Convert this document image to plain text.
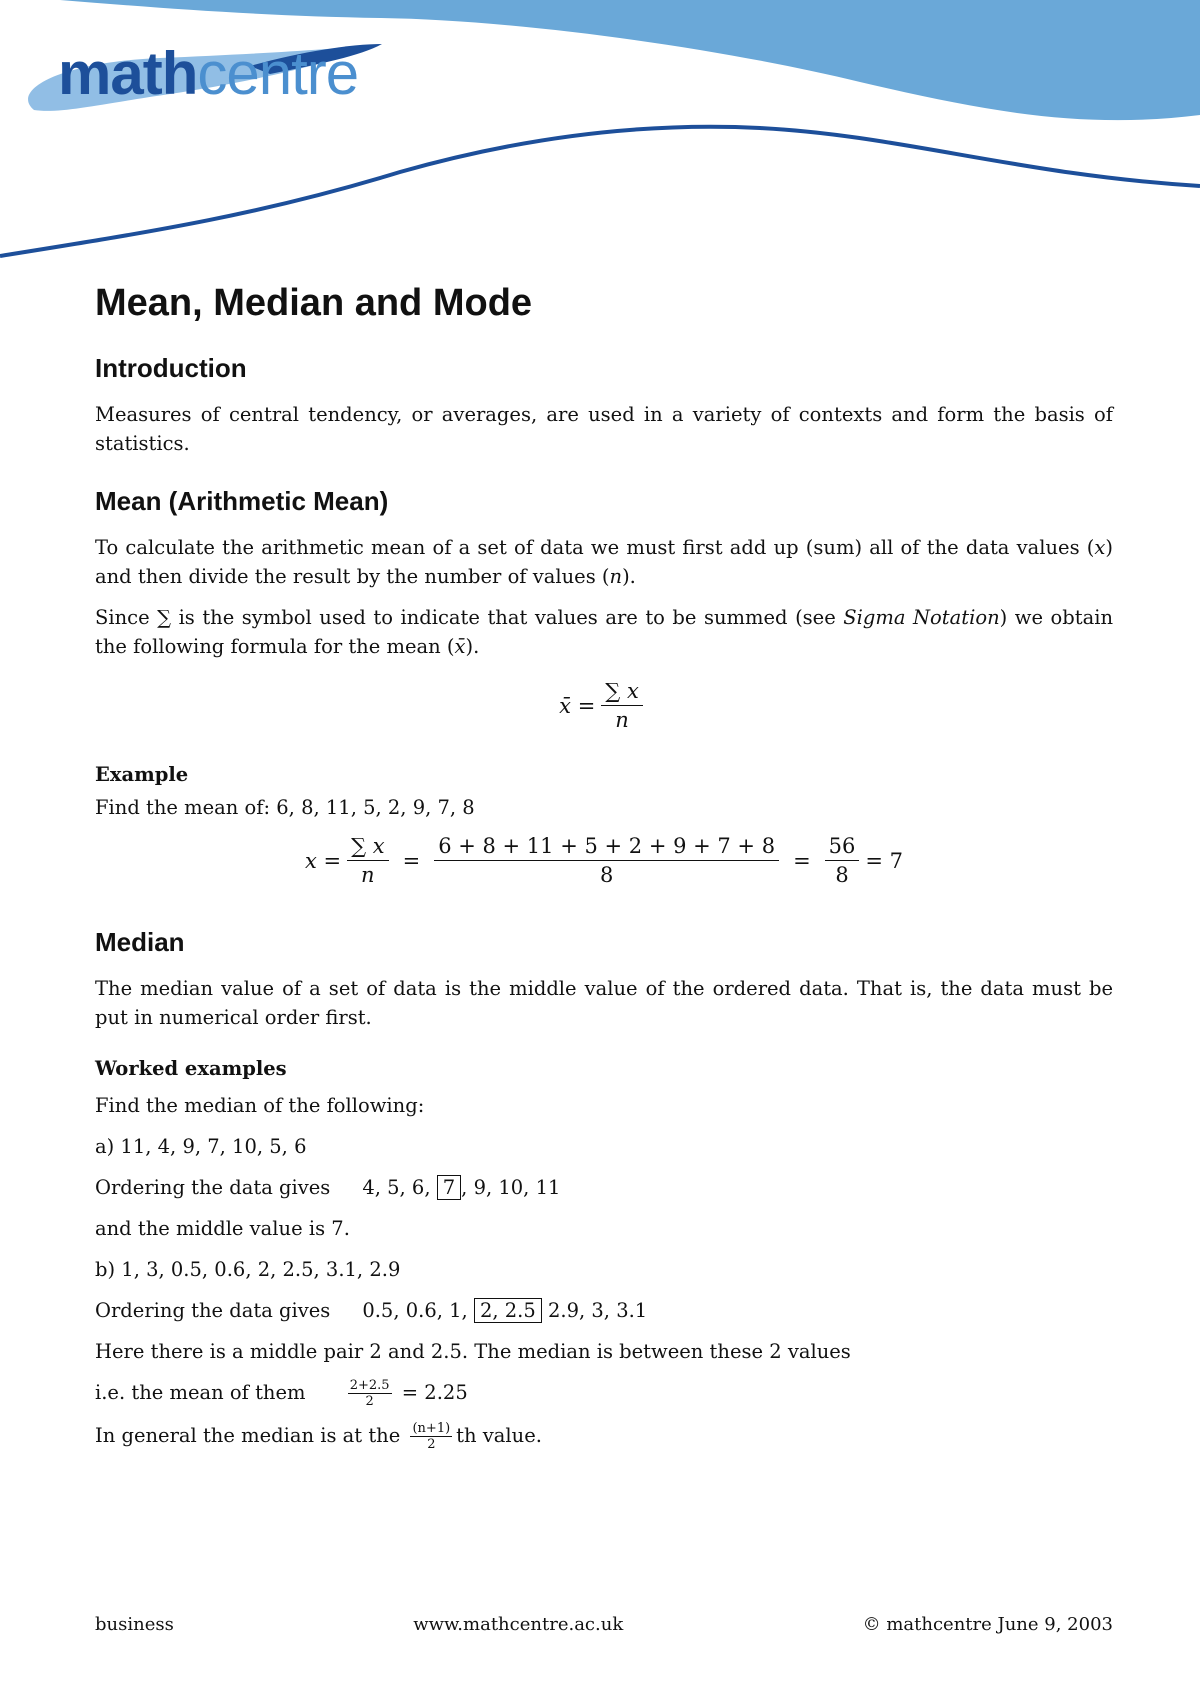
mathcentre
Mean, Median and Mode
Introduction

Measures of central tendency, or averages, are used in a variety of contexts and form the basis of statistics.

Mean (Arithmetic Mean)

To calculate the arithmetic mean of a set of data we must first add up (sum) all of the data values (x) and then divide the result by the number of values (n).

Since ∑ is the symbol used to indicate that values are to be summed (see Sigma Notation) we obtain the following formula for the mean (x̄).

x̄ = $\frac{\sum x}{n}$

Example

Find the mean of: 6, 8, 11, 5, 2, 9, 7, 8

$x = \frac{\sum x}{n} = \frac{6 + 8 + 11 + 5 + 2 + 9 + 7 + 8}{8} = \frac{56}{8} = 7$
Median

The median value of a set of data is the middle value of the ordered data. That is, the data must be put in numerical order first.

Worked examples

Find the median of the following:
a) 11, 4, 9, 7, 10, 5, 6
Ordering the data gives 4, 5, 6, 7 , 9, 10, 11
and the middle value is 7.
b) 1, 3, 0.5, 0.6, 2, 2.5, 3.1, 2.9
Ordering the data gives 0.5, 0.6, 1, 2, 2.5 2.9, 3, 3.1
Here there is a middle pair 2 and 2.5. The median is between these 2 values
i.e. the mean of them	$\frac{2+2.5}{2} = 2.25$
In general the median is at the $\frac{(n+1)}{2}$ th value.
business	www.mathcentre.ac.uk	© mathcentre June 9, 2003
